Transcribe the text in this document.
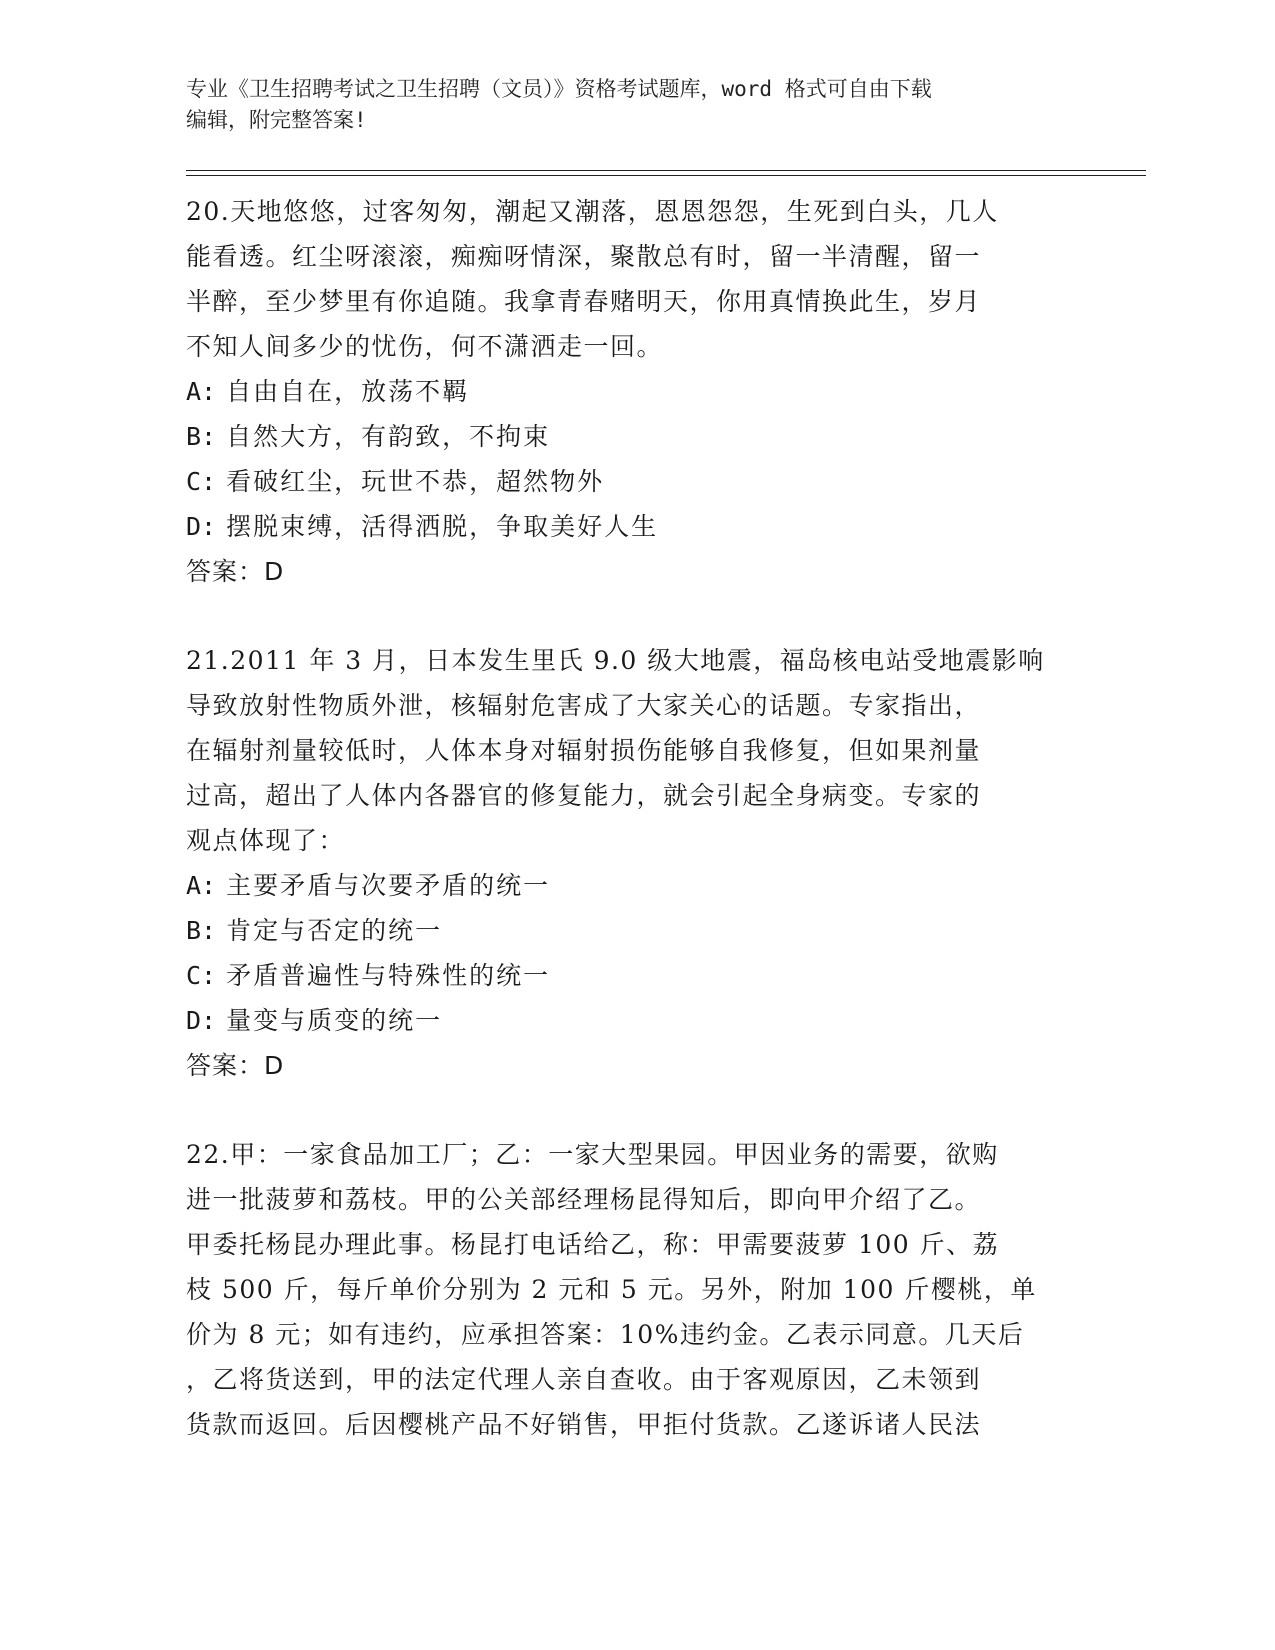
专业《卫生招聘考试之卫生招聘（文员）》资格考试题库，word 格式可自由下载
编辑，附完整答案!
20.天地悠悠，过客匆匆，潮起又潮落，恩恩怨怨，生死到白头，几人
能看透。红尘呀滚滚，痴痴呀情深，聚散总有时，留一半清醒，留一
半醉，至少梦里有你追随。我拿青春赌明天，你用真情换此生，岁月
不知人间多少的忧伤，何不潇洒走一回。
A: 自由自在，放荡不羁
B: 自然大方，有韵致，不拘束
C: 看破红尘，玩世不恭，超然物外
D: 摆脱束缚，活得洒脱，争取美好人生
答案：D
21.2011 年 3 月，日本发生里氏 9.0 级大地震，福岛核电站受地震影响
导致放射性物质外泄，核辐射危害成了大家关心的话题。专家指出，
在辐射剂量较低时，人体本身对辐射损伤能够自我修复，但如果剂量
过高，超出了人体内各器官的修复能力，就会引起全身病变。专家的
观点体现了：
A: 主要矛盾与次要矛盾的统一
B: 肯定与否定的统一
C: 矛盾普遍性与特殊性的统一
D: 量变与质变的统一
答案：D
22.甲：一家食品加工厂；乙：一家大型果园。甲因业务的需要，欲购
进一批菠萝和荔枝。甲的公关部经理杨昆得知后，即向甲介绍了乙。
甲委托杨昆办理此事。杨昆打电话给乙，称：甲需要菠萝 100 斤、荔
枝 500 斤，每斤单价分别为 2 元和 5 元。另外，附加 100 斤樱桃，单
价为 8 元；如有违约，应承担答案：10%违约金。乙表示同意。几天后
，乙将货送到，甲的法定代理人亲自查收。由于客观原因，乙未领到
货款而返回。后因樱桃产品不好销售，甲拒付货款。乙遂诉诸人民法
